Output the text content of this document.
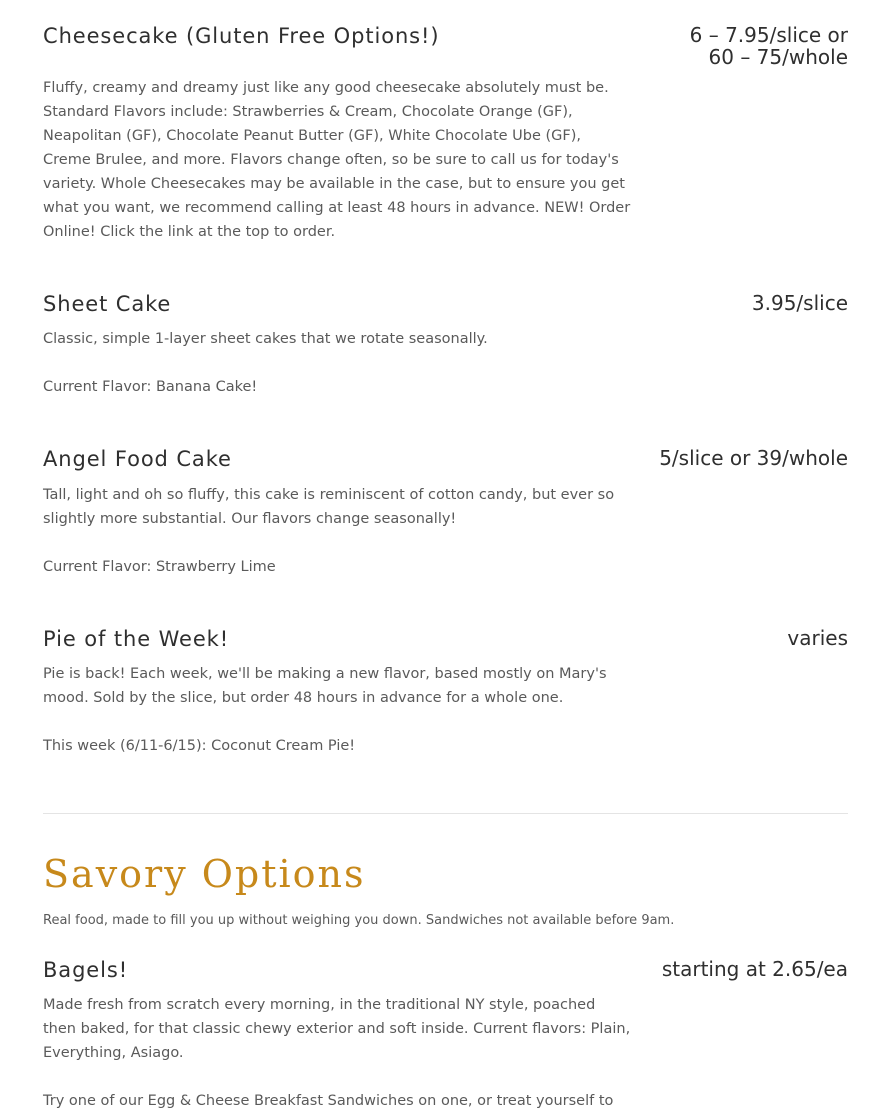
Cheesecake (Gluten Free Options!)	6 – 7.95/slice or
60 – 75/whole

Fluffy, creamy and dreamy just like any good cheesecake absolutely must be. Standard Flavors include: Strawberries & Cream, Chocolate Orange (GF), Neapolitan (GF), Chocolate Peanut Butter (GF), White Chocolate Ube (GF), Creme Brulee, and more. Flavors change often, so be sure to call us for today's variety. Whole Cheesecakes may be available in the case, but to ensure you get what you want, we recommend calling at least 48 hours in advance. NEW! Order Online! Click the link at the top to order.

Sheet Cake	3.95/slice

Classic, simple 1-layer sheet cakes that we rotate seasonally.

Current Flavor: Banana Cake!

Angel Food Cake	5/slice or 39/whole

Tall, light and oh so fluffy, this cake is reminiscent of cotton candy, but ever so slightly more substantial. Our flavors change seasonally!

Current Flavor: Strawberry Lime

Pie of the Week!	varies

Pie is back! Each week, we'll be making a new flavor, based mostly on Mary's mood. Sold by the slice, but order 48 hours in advance for a whole one.

This week (6/11-6/15): Coconut Cream Pie!

Savory Options

Real food, made to fill you up without weighing you down. Sandwiches not available before 9am.

Bagels!	starting at 2.65/ea

Made fresh from scratch every morning, in the traditional NY style, poached then baked, for that classic chewy exterior and soft inside. Current flavors: Plain, Everything, Asiago.

Try one of our Egg & Cheese Breakfast Sandwiches on one, or treat yourself to
